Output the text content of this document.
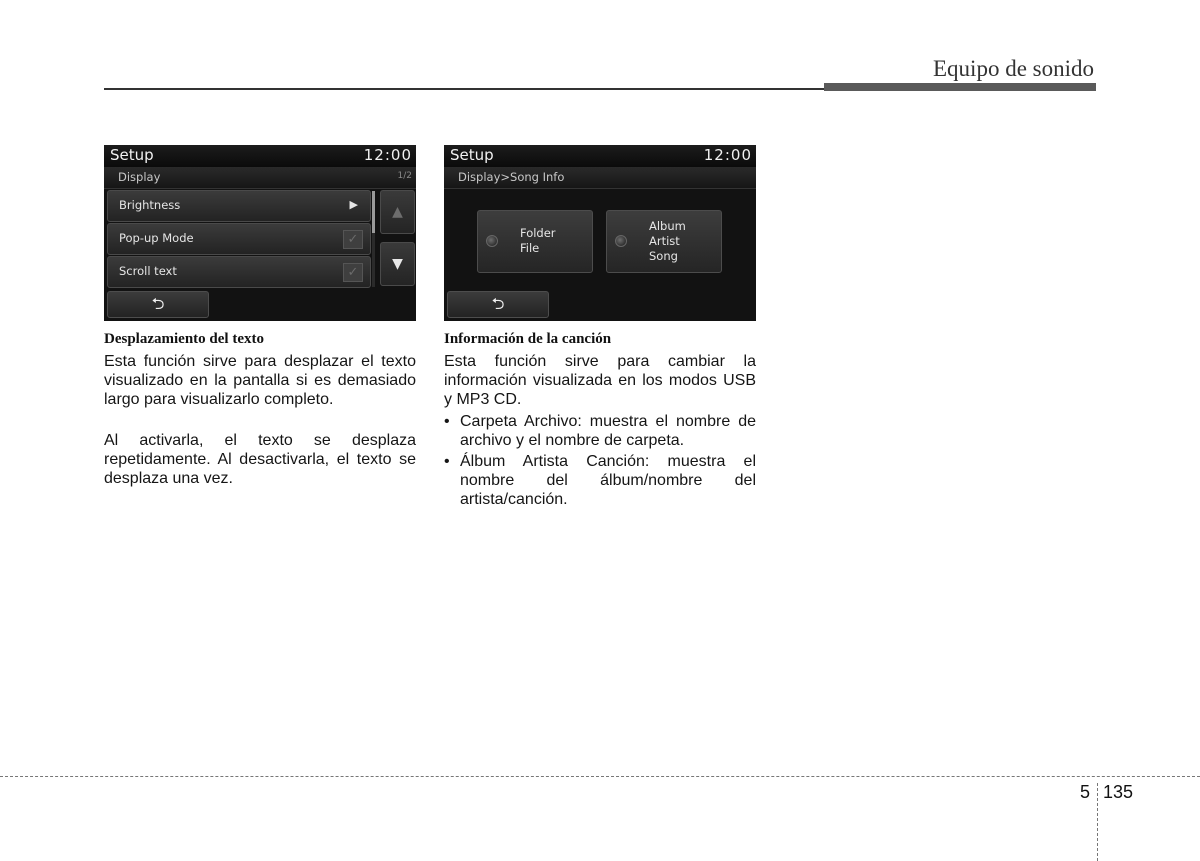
Equipo de sonido
Setup	12:00
Display	1/2
Brightness	▶
Pop-up Mode	✓
Scroll text	✓
▲
▼
⮌
Setup	12:00
Display>Song Info
Folder
File
Album
Artist
Song
⮌
Desplazamiento del texto

Esta función sirve para desplazar el texto visualizado en la pantalla si es demasiado largo para visualizarlo completo.

Al activarla, el texto se desplaza repetidamente. Al desactivarla, el texto se desplaza una vez.

Información de la canción

Esta función sirve para cambiar la información visualizada en los modos USB y MP3 CD.

• Carpeta Archivo: muestra el nombre de archivo y el nombre de carpeta.
• Álbum Artista Canción: muestra el nombre del álbum/nombre del artista/canción.
5 135
